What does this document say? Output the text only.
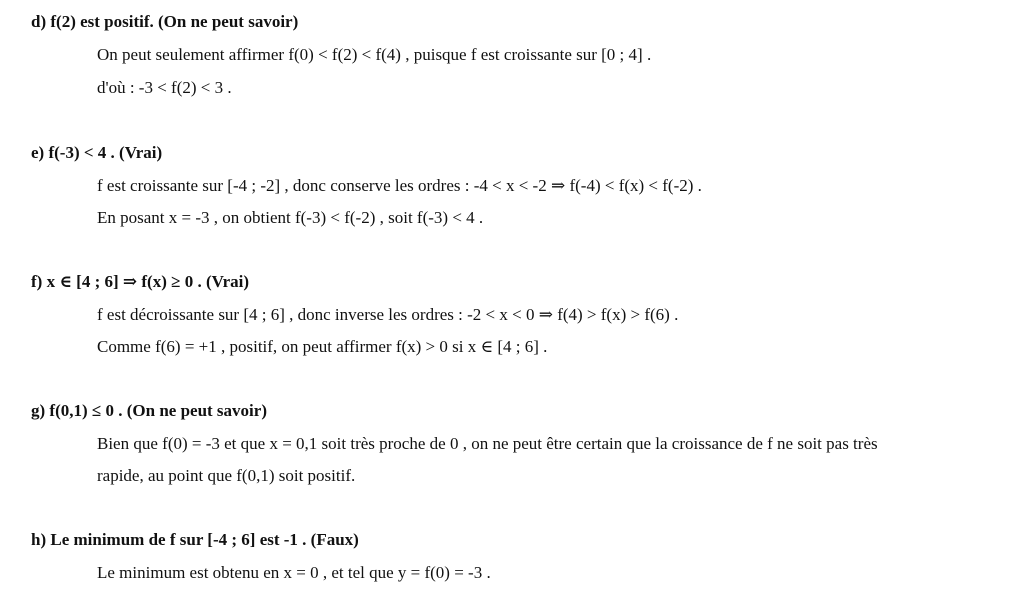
d) f(2) est positif. (On ne peut savoir)
On peut seulement affirmer f(0) < f(2) < f(4) , puisque f est croissante sur [0 ; 4] .
d'où : -3 < f(2) < 3 .
e) f(-3) < 4 . (Vrai)
f est croissante sur [-4 ; -2] , donc conserve les ordres : -4 < x < -2 ⇒ f(-4) < f(x) < f(-2) .
En posant x = -3 , on obtient f(-3) < f(-2) , soit f(-3) < 4 .
f) x ∈ [4 ; 6] ⇒ f(x) ≥ 0 . (Vrai)
f est décroissante sur [4 ; 6] , donc inverse les ordres : -2 < x < 0 ⇒ f(4) > f(x) > f(6) .
Comme f(6) = +1 , positif, on peut affirmer f(x) > 0 si x ∈ [4 ; 6] .
g) f(0,1) ≤ 0 . (On ne peut savoir)
Bien que f(0) = -3 et que x = 0,1 soit très proche de 0 , on ne peut être certain que la croissance de f ne soit pas très
rapide, au point que f(0,1) soit positif.
h) Le minimum de f sur [-4 ; 6] est -1 . (Faux)
Le minimum est obtenu en x = 0 , et tel que y = f(0) = -3 .
